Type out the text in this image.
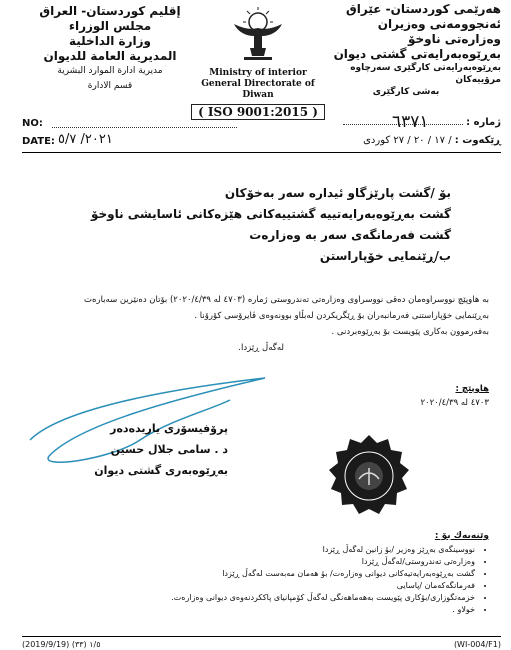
هەرێمی كوردستان- عێراق
ئەنجوومەنی وەزیران
وەزارەتی ناوخۆ
بەڕێوەبەرایەتی گشتی دیوان
بەڕێوەبەرایەتی كارگێری سەرچاوە مرۆییەكان
بەشی كارگێری
إقليم كوردستان- العراق
مجلس الوزراء
وزارة الداخلية
المديرية العامة للديوان
مديرية ادارة الموارد البشرية
قسم الادارة
Ministry of interior
General Directorate of Diwan
( ISO 9001:2015 )
NO:	ژمارە :
٦٣٧١
DATE: ٢٠٢١/ ٥/٧	ڕێكەوت : / ١٧ / ٢٠ / ٢٧ كوردی
بۆ /گشت پارێزگاو ئیدارە سەر بەخۆكان
گشت بەڕێوەبەرایەتییە گشتییەكانی هێزەكانی ئاسایشی ناوخۆ
گشت فەرمانگەی سەر بە وەزارەت
ب/ڕێنمایی خۆپاراستن
بە هاوپێچ نووسراوەمان دەقی نووسراوی وەزارەتی تەندروستی ژمارە (٤٧٠٣ لە ٢٠٢٠/٤/٣٩) بۆتان دەنێرین سەبارەت
بەڕێنمایی خۆپاراستنی فەرمانبەران بۆ ڕێگریكردن لەبڵاو بوونەوەی ڤایرۆسی كۆرۆنا .
بەفەرموون بەكاری پێویست بۆ بەڕێوەبردنی .
لەگەڵ ڕێزدا.
هاوپێچ :
٤٧٠٣ لە ٢٠٢٠/٤/٣٩
پرۆفیسۆری یاریدەدەر
د . سامی جلال حسین
بەڕێوەبەری گشتی دیوان
وێنەیەك بۆ :
• نووسینگەی بەڕێز وەزیر /بۆ زانین لەگەڵ ڕێزدا
• وەزارەتی تەندروستی/لەگەڵ ڕێزدا
• گشت بەڕێوەبەرایەتیەكانی دیوانی وەزارەت/ بۆ هەمان مەبەست لەگەڵ ڕێزدا
• فەرمانگەكەمان /پاسایی
• خزمەتگوزاری/بۆكاری پێویست بەهەماهەنگی لەگەڵ كۆمپانیای پاككردنەوەی دیوانی وەزارەت.
• خولاو .
(2019/9/19) ١/٥ (٣٣)	(WI-004/F1)
